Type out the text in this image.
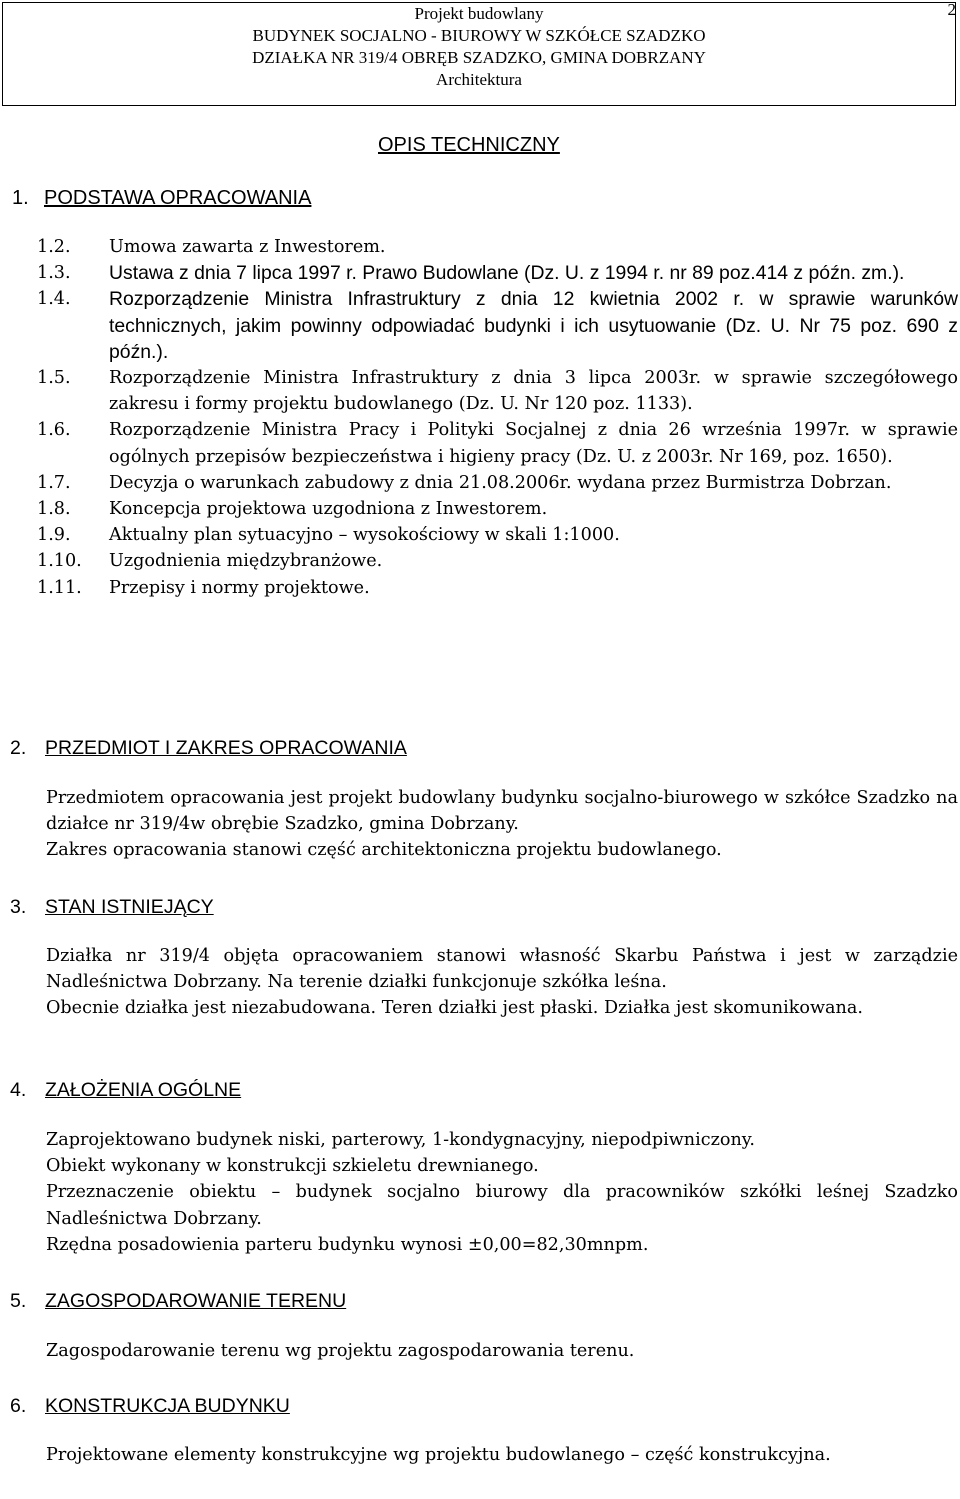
2
Projekt budowlany
BUDYNEK SOCJALNO - BIUROWY W SZKÓŁCE SZADZKO
DZIAŁKA NR 319/4 OBRĘB SZADZKO, GMINA DOBRZANY
Architektura
OPIS TECHNICZNY
1. PODSTAWA OPRACOWANIA
1.2.	Umowa zawarta z Inwestorem.
1.3.	Ustawa z dnia 7 lipca 1997 r. Prawo Budowlane (Dz. U. z 1994 r. nr 89 poz.414 z późn. zm.).
1.4.	Rozporządzenie Ministra Infrastruktury z dnia 12 kwietnia 2002 r. w sprawie warunków technicznych, jakim powinny odpowiadać budynki i ich usytuowanie (Dz. U. Nr 75 poz. 690 z późn.).
1.5.	Rozporządzenie Ministra Infrastruktury z dnia 3 lipca 2003r. w sprawie szczegółowego zakresu i formy projektu budowlanego (Dz. U. Nr 120 poz. 1133).
1.6.	Rozporządzenie Ministra Pracy i Polityki Socjalnej z dnia 26 września 1997r. w sprawie ogólnych przepisów bezpieczeństwa i higieny pracy (Dz. U. z 2003r. Nr 169, poz. 1650).
1.7.	Decyzja o warunkach zabudowy z dnia 21.08.2006r. wydana przez Burmistrza Dobrzan.
1.8.	Koncepcja projektowa uzgodniona z Inwestorem.
1.9.	Aktualny plan sytuacyjno – wysokościowy w skali 1:1000.
1.10.	Uzgodnienia międzybranżowe.
1.11.	Przepisy i normy projektowe.
2. PRZEDMIOT I ZAKRES OPRACOWANIA
Przedmiotem opracowania jest projekt budowlany budynku socjalno-biurowego w szkółce Szadzko na działce nr 319/4w obrębie Szadzko, gmina Dobrzany.
Zakres opracowania stanowi część architektoniczna projektu budowlanego.
3. STAN ISTNIEJĄCY
Działka nr 319/4 objęta opracowaniem stanowi własność Skarbu Państwa i jest w zarządzie Nadleśnictwa Dobrzany. Na terenie działki funkcjonuje szkółka leśna.
Obecnie działka jest niezabudowana. Teren działki jest płaski. Działka jest skomunikowana.
4. ZAŁOŻENIA OGÓLNE
Zaprojektowano budynek niski, parterowy, 1-kondygnacyjny, niepodpiwniczony.
Obiekt wykonany w konstrukcji szkieletu drewnianego.
Przeznaczenie obiektu – budynek socjalno biurowy dla pracowników szkółki leśnej Szadzko Nadleśnictwa Dobrzany.
Rzędna posadowienia parteru budynku wynosi ±0,00=82,30mnpm.
5. ZAGOSPODAROWANIE TERENU
Zagospodarowanie terenu wg projektu zagospodarowania terenu.
6. KONSTRUKCJA BUDYNKU
Projektowane elementy konstrukcyjne wg projektu budowlanego – część konstrukcyjna.
